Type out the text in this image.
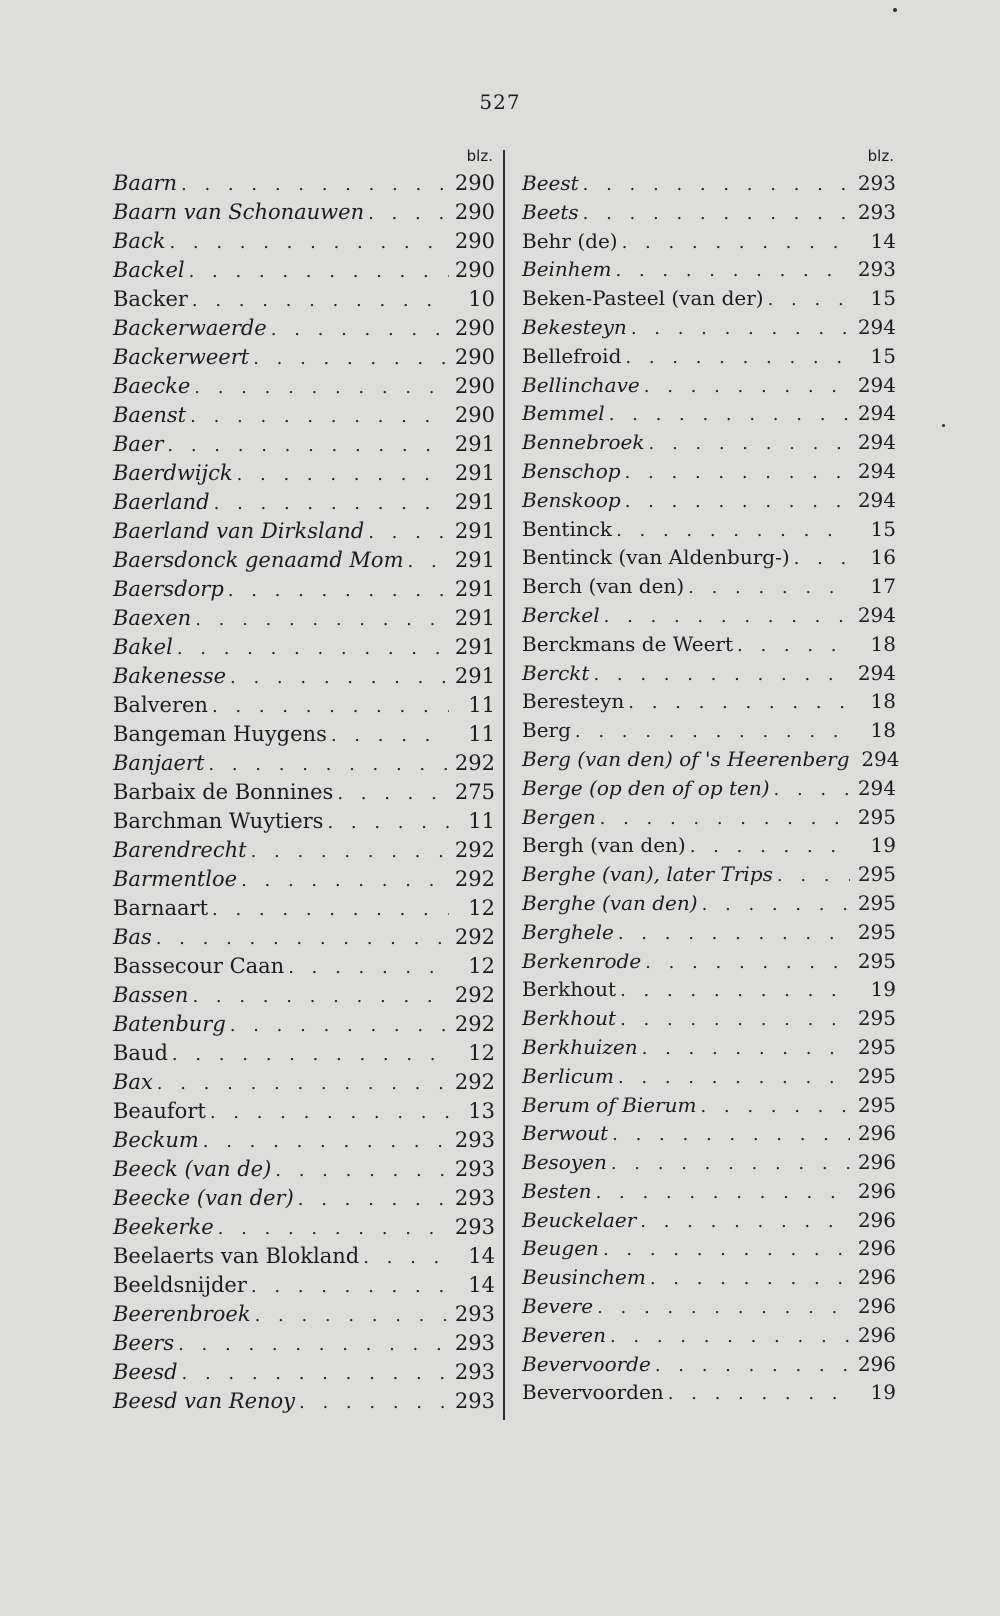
527
blz.
Baarn . . .	290
Baarn van Schonauwen . . .	290
Back . . .	290
Backel . . .	290
Backer . . .	10
Backerwaerde . . .	290
Backerweert . . .	290
Baecke . . .	290
Baenst . . .	290
Baer . . .	291
Baerdwijck . . .	291
Baerland . . .	291
Baerland van Dirksland . . .	291
Baersdonck genaamd Mom . . . 291
Baersdorp . . .	291
Baexen . . .	291
Bakel . . .	291
Bakenesse . . .	291
Balveren . . .	11
Bangeman Huygens . . .	11
Banjaert . . .	292
Barbaix de Bonnines . . .	275
Barchman Wuytiers . . .	11
Barendrecht . . .	292
Barmentloe . . .	292
Barnaart . . .	12
Bas . . .	292
Bassecour Caan . . .	12
Bassen . . .	292
Batenburg . . .	292
Baud . . .	12
Bax . . .	292
Beaufort . . .	13
Beckum . . .	293
Beeck (van de) . . .	293
Beecke (van der) . . .	293
Beekerke . . .	293
Beelaerts van Blokland . . .	14
Beeldsnijder . . .	14
Beerenbroek . . .	293
Beers . . .	293
Beesd . . .	293
Beesd van Renoy . . .	293
blz.
Beest . . .	293
Beets . . .	293
Behr (de) . . .	14
Beinhem . . .	293
Beken-Pasteel (van der) . . .	15
Bekesteyn . . .	294
Bellefroid . . .	15
Bellinchave . . .	294
Bemmel . . .	294
Bennebroek . . .	294
Benschop . . .	294
Benskoop . . .	294
Bentinck . . .	15
Bentinck (van Aldenburg-) . . .	16
Berch (van den) . . .	17
Berckel . . .	294
Berckmans de Weert . . .	18
Berckt . . .	294
Beresteyn . . .	18
Berg . . .	18
Berg (van den) of 's Heerenberg 294
Berge (op den of op ten) . . .	294
Bergen . . .	295
Bergh (van den) . . .	19
Berghe (van), later Trips . . .	295
Berghe (van den) . . .	295
Berghele . . .	295
Berkenrode . . .	295
Berkhout . . .	19
Berkhout . . .	295
Berkhuizen . . .	295
Berlicum . . .	295
Berum of Bierum . . .	295
Berwout . . .	296
Besoyen . . .	296
Besten . . .	296
Beuckelaer . . .	296
Beugen . . .	296
Beusinchem . . .	296
Bevere . . .	296
Beveren . . .	296
Bevervoorde . . .	296
Bevervoorden . . .	19
